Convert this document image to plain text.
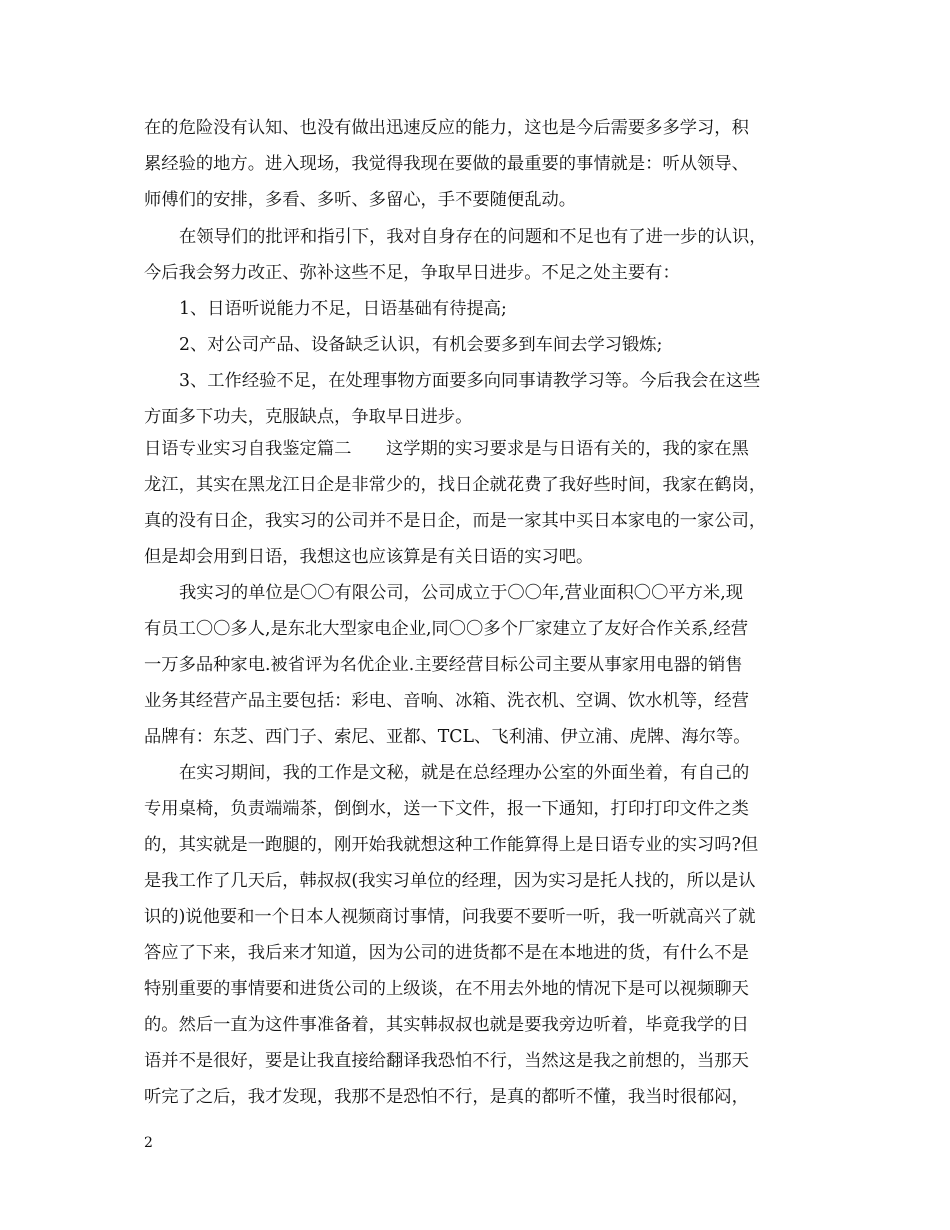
在的危险没有认知、也没有做出迅速反应的能力，这也是今后需要多多学习，积
累经验的地方。进入现场，我觉得我现在要做的最重要的事情就是：听从领导、
师傅们的安排，多看、多听、多留心，手不要随便乱动。
在领导们的批评和指引下，我对自身存在的问题和不足也有了进一步的认识，
今后我会努力改正、弥补这些不足，争取早日进步。不足之处主要有：
1、日语听说能力不足，日语基础有待提高;
2、对公司产品、设备缺乏认识，有机会要多到车间去学习锻炼;
3、工作经验不足，在处理事物方面要多向同事请教学习等。今后我会在这些
方面多下功夫，克服缺点，争取早日进步。
日语专业实习自我鉴定篇二　　这学期的实习要求是与日语有关的，我的家在黑
龙江，其实在黑龙江日企是非常少的，找日企就花费了我好些时间，我家在鹤岗，
真的没有日企，我实习的公司并不是日企，而是一家其中买日本家电的一家公司，
但是却会用到日语，我想这也应该算是有关日语的实习吧。
我实习的单位是〇〇有限公司，公司成立于〇〇年,营业面积〇〇平方米,现
有员工〇〇多人,是东北大型家电企业,同〇〇多个厂家建立了友好合作关系,经营
一万多品种家电.被省评为名优企业.主要经营目标公司主要从事家用电器的销售
业务其经营产品主要包括：彩电、音响、冰箱、洗衣机、空调、饮水机等，经营
品牌有：东芝、西门子、索尼、亚都、TCL、飞利浦、伊立浦、虎牌、海尔等。
在实习期间，我的工作是文秘，就是在总经理办公室的外面坐着，有自己的
专用桌椅，负责端端茶，倒倒水，送一下文件，报一下通知，打印打印文件之类
的，其实就是一跑腿的，刚开始我就想这种工作能算得上是日语专业的实习吗?但
是我工作了几天后，韩叔叔(我实习单位的经理，因为实习是托人找的，所以是认
识的)说他要和一个日本人视频商讨事情，问我要不要听一听，我一听就高兴了就
答应了下来，我后来才知道，因为公司的进货都不是在本地进的货，有什么不是
特别重要的事情要和进货公司的上级谈，在不用去外地的情况下是可以视频聊天
的。然后一直为这件事准备着，其实韩叔叔也就是要我旁边听着，毕竟我学的日
语并不是很好，要是让我直接给翻译我恐怕不行，当然这是我之前想的，当那天
听完了之后，我才发现，我那不是恐怕不行，是真的都听不懂，我当时很郁闷，
2
